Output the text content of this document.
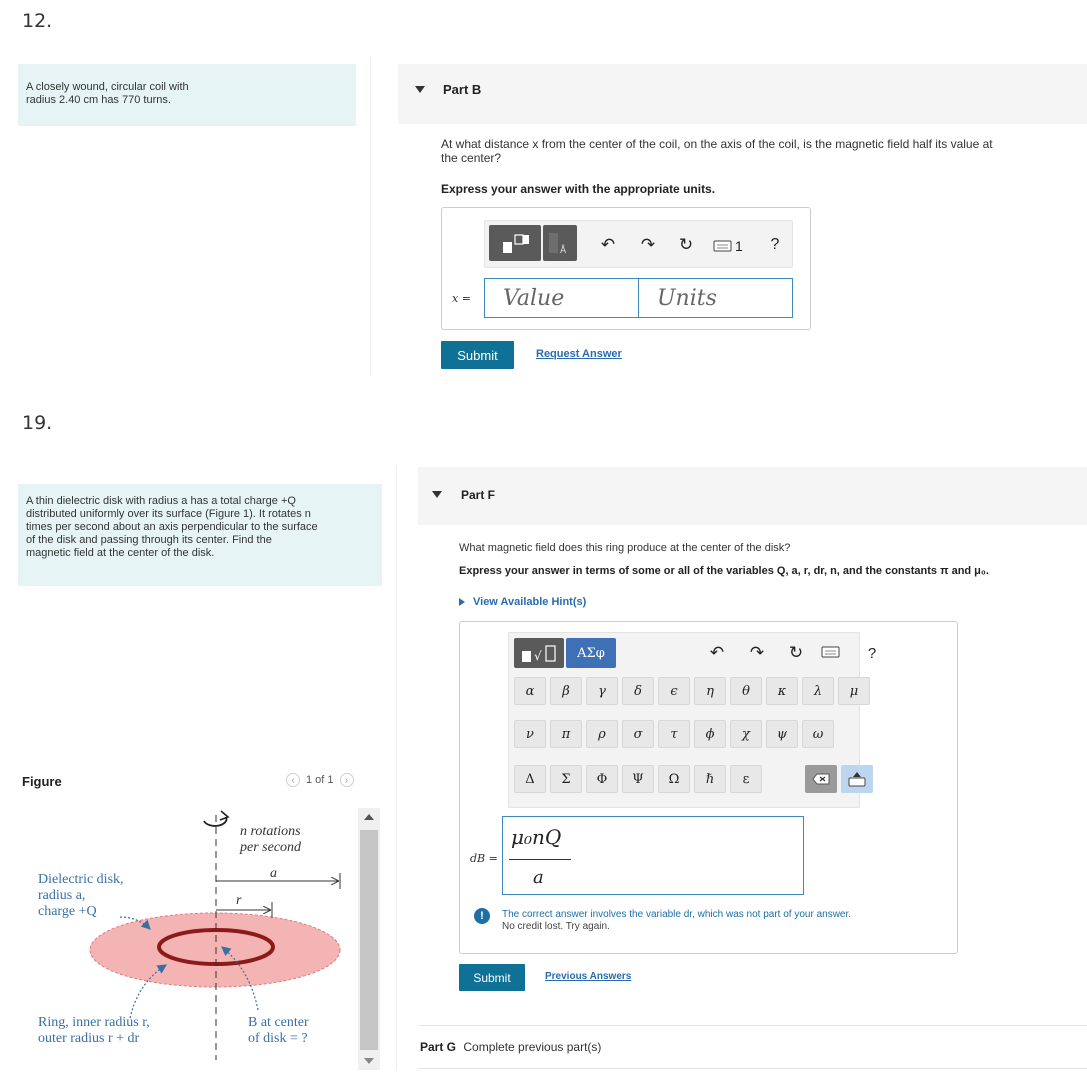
12.
A closely wound, circular coil with
radius 2.40 cm has 770 turns.
Part B
At what distance x from the center of the coil, on the axis of the coil, is the magnetic field half its value at
the center?
Express your answer with the appropriate units.
Å ↶ ↷ ↻	1	?
x =	Value	Units
Submit	Request Answer
19.
A thin dielectric disk with radius a has a total charge +Q
distributed uniformly over its surface (Figure 1). It rotates n
times per second about an axis perpendicular to the surface
of the disk and passing through its center. Find the
magnetic field at the center of the disk.
Figure	‹	1 of 1	›
n rotations
per second
a
r
Dielectric disk,
radius a,
charge +Q
Ring, inner radius r,
outer radius r + dr
B at center
of disk = ?
Part F
What magnetic field does this ring produce at the center of the disk?
Express your answer in terms of some or all of the variables Q, a, r, dr, n, and the constants π and μ₀.
View Available Hint(s)
√	AΣφ	↶ ↷ ↻	?
α	β	γ	δ	ϵ	η	θ	κ	λ	μ
ν	π	ρ	σ	τ	ϕ	χ	ψ	ω
Δ	Σ	Φ	Ψ	Ω	ℏ	ε
dB =
μ₀nQ
a
!	The correct answer involves the variable dr, which was not part of your answer.
No credit lost. Try again.
Submit	Previous Answers
Part G Complete previous part(s)
